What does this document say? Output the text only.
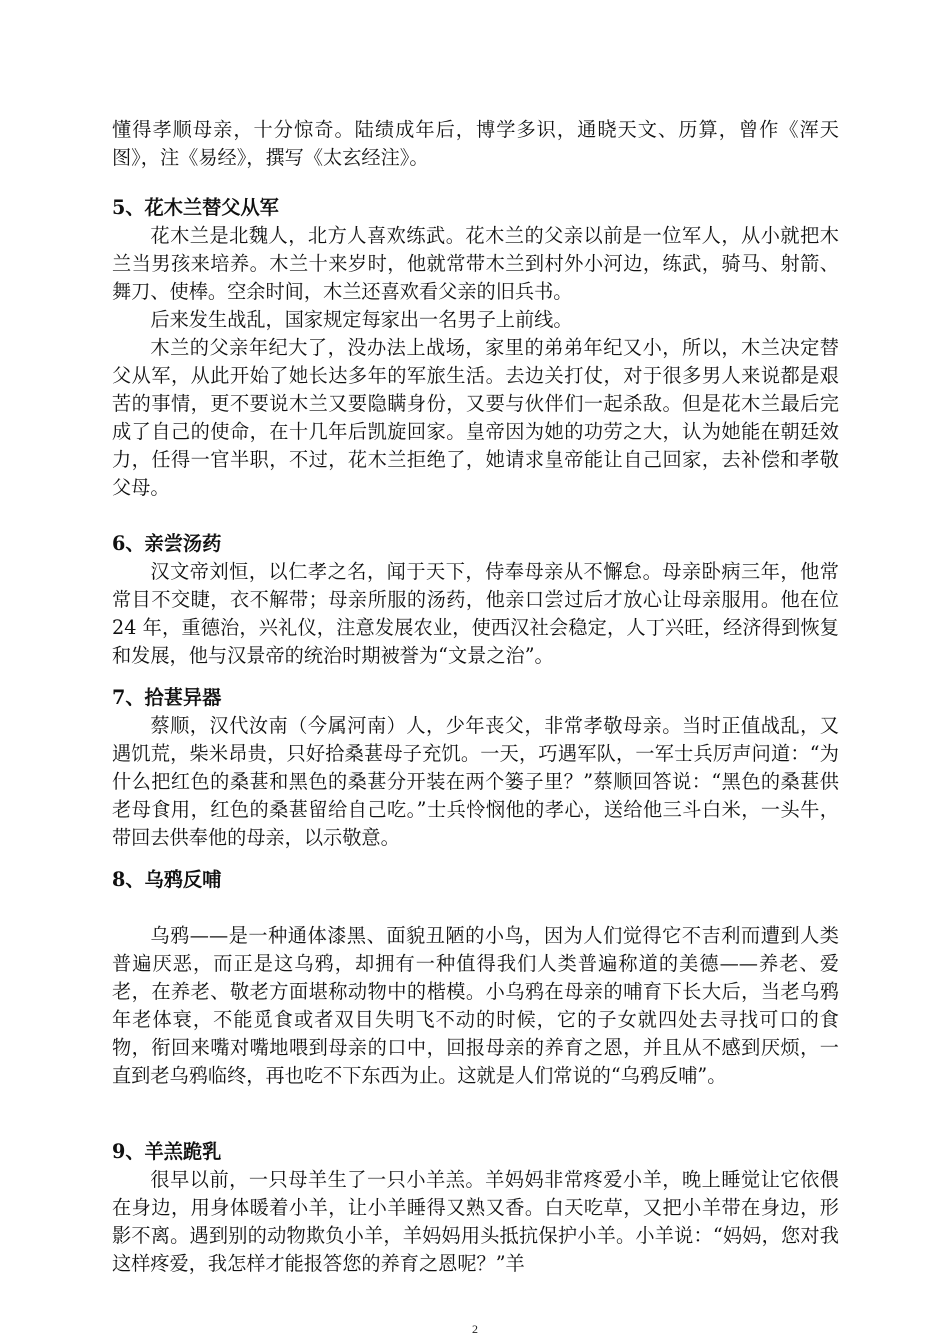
懂得孝顺母亲，十分惊奇。陆绩成年后，博学多识，通晓天文、历算，曾作《浑天图》，注《易经》，撰写《太玄经注》。

5、花木兰替父从军

花木兰是北魏人，北方人喜欢练武。花木兰的父亲以前是一位军人，从小就把木兰当男孩来培养。木兰十来岁时，他就常带木兰到村外小河边，练武，骑马、射箭、舞刀、使棒。空余时间，木兰还喜欢看父亲的旧兵书。

后来发生战乱，国家规定每家出一名男子上前线。

木兰的父亲年纪大了，没办法上战场，家里的弟弟年纪又小，所以，木兰决定替父从军，从此开始了她长达多年的军旅生活。去边关打仗，对于很多男人来说都是艰苦的事情，更不要说木兰又要隐瞒身份，又要与伙伴们一起杀敌。但是花木兰最后完成了自己的使命，在十几年后凯旋回家。皇帝因为她的功劳之大，认为她能在朝廷效力，任得一官半职，不过，花木兰拒绝了，她请求皇帝能让自己回家，去补偿和孝敬父母。

6、亲尝汤药

汉文帝刘恒，以仁孝之名，闻于天下，侍奉母亲从不懈怠。母亲卧病三年，他常常目不交睫，衣不解带；母亲所服的汤药，他亲口尝过后才放心让母亲服用。他在位 24 年，重德治，兴礼仪，注意发展农业，使西汉社会稳定，人丁兴旺，经济得到恢复和发展，他与汉景帝的统治时期被誉为“文景之治”。

7、拾葚异器

蔡顺，汉代汝南（今属河南）人，少年丧父，非常孝敬母亲。当时正值战乱，又遇饥荒，柴米昂贵，只好拾桑葚母子充饥。一天，巧遇军队，一军士兵厉声问道：“为什么把红色的桑葚和黑色的桑葚分开装在两个篓子里？”蔡顺回答说：“黑色的桑葚供老母食用，红色的桑葚留给自己吃。”士兵怜悯他的孝心，送给他三斗白米，一头牛，带回去供奉他的母亲，以示敬意。

8、乌鸦反哺

乌鸦——是一种通体漆黑、面貌丑陋的小鸟，因为人们觉得它不吉利而遭到人类普遍厌恶，而正是这乌鸦，却拥有一种值得我们人类普遍称道的美德——养老、爱老，在养老、敬老方面堪称动物中的楷模。小乌鸦在母亲的哺育下长大后，当老乌鸦年老体衰，不能觅食或者双目失明飞不动的时候，它的子女就四处去寻找可口的食物，衔回来嘴对嘴地喂到母亲的口中，回报母亲的养育之恩，并且从不感到厌烦，一直到老乌鸦临终，再也吃不下东西为止。这就是人们常说的“乌鸦反哺”。

9、羊羔跪乳

很早以前，一只母羊生了一只小羊羔。羊妈妈非常疼爱小羊，晚上睡觉让它依偎在身边，用身体暖着小羊，让小羊睡得又熟又香。白天吃草，又把小羊带在身边，形影不离。遇到别的动物欺负小羊，羊妈妈用头抵抗保护小羊。小羊说：“妈妈，您对我这样疼爱，我怎样才能报答您的养育之恩呢？”羊

2
